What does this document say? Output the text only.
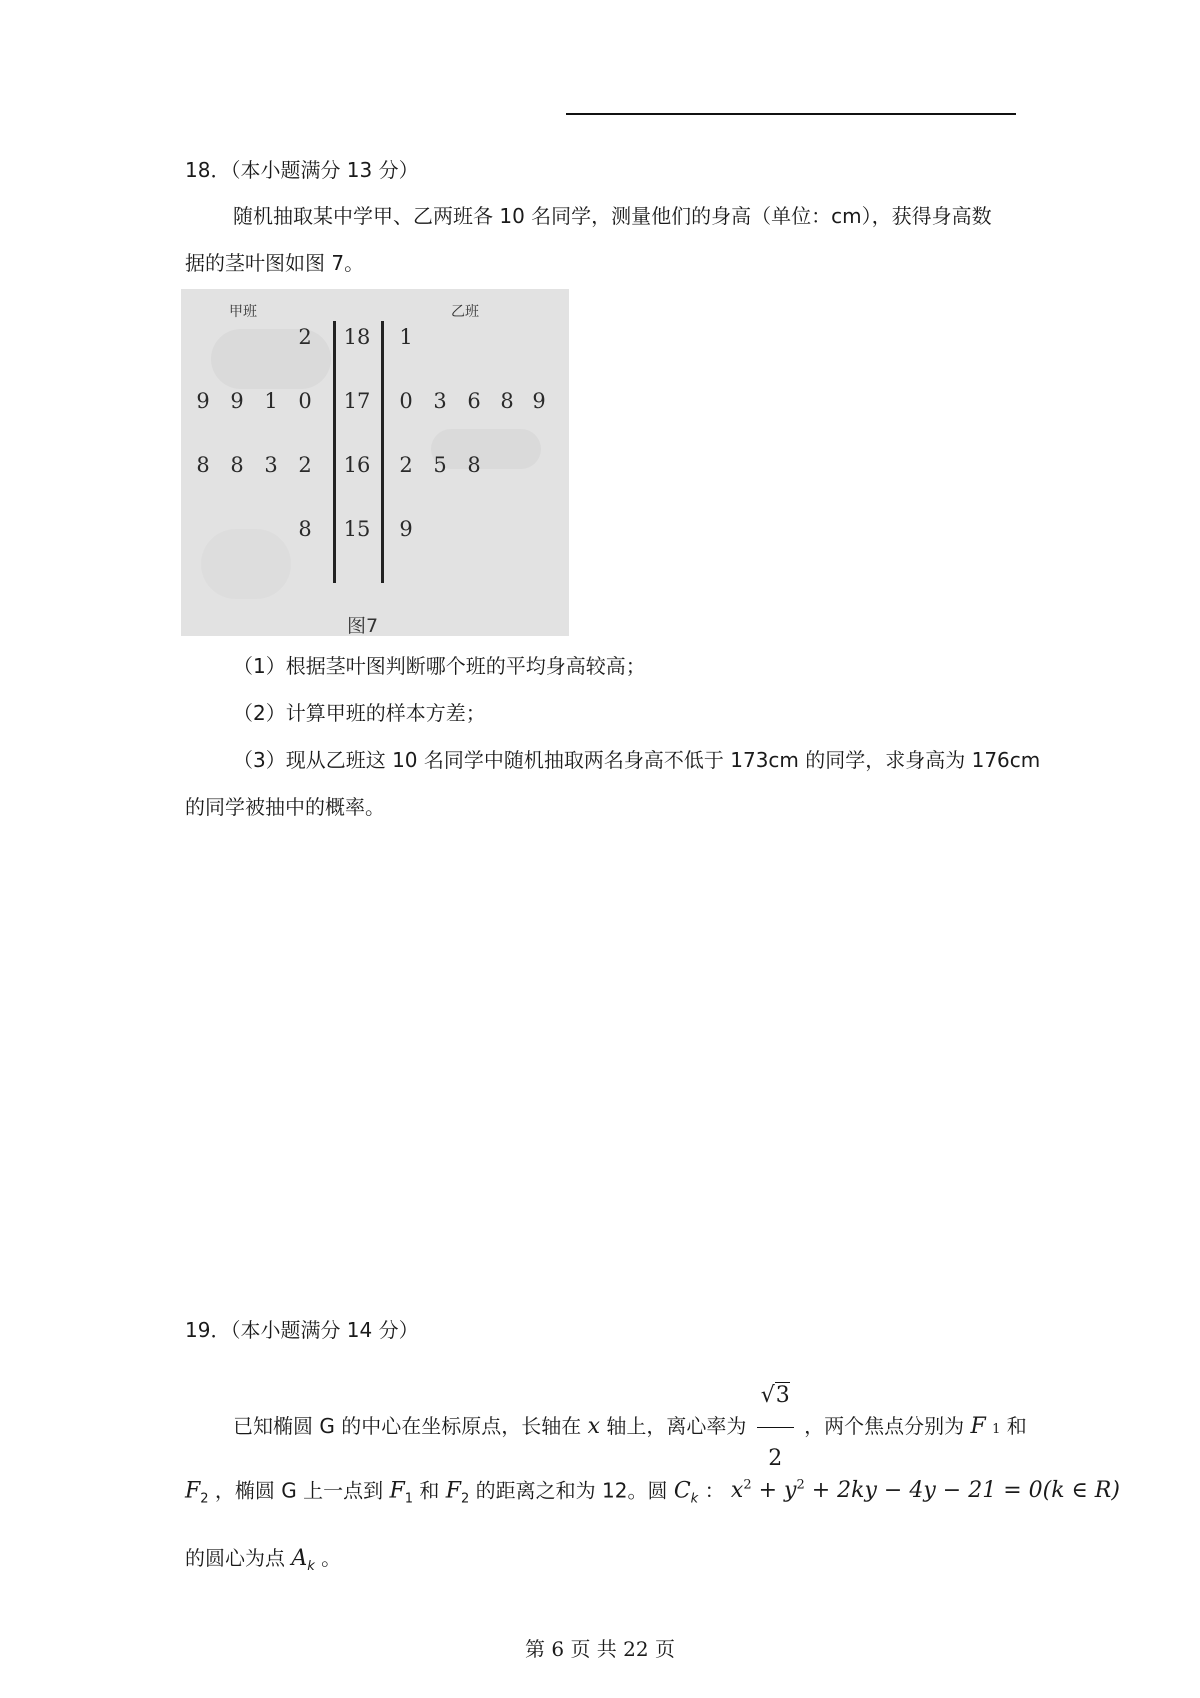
18．（本小题满分 13 分）
随机抽取某中学甲、乙两班各 10 名同学，测量他们的身高（单位：cm），获得身高数
据的茎叶图如图 7。
甲班	乙班
2 18 1
9 9 1 0 17 0 3 6 8 9
8 8 3 2 16 2 5 8
8 15 9
图7
（1）根据茎叶图判断哪个班的平均身高较高；
（2）计算甲班的样本方差；
（3）现从乙班这 10 名同学中随机抽取两名身高不低于 173cm 的同学，求身高为 176cm
的同学被抽中的概率。
19．（本小题满分 14 分）
已知椭圆 G 的中心在坐标原点，长轴在 x 轴上，离心率为 $\frac{√3}{2}$ ，两个焦点分别为 F 1 和
$F_2$ ，椭圆 G 上一点到 $F_1$ 和 $F_2$ 的距离之和为 12。圆 $C_k$ ： $x^2 + y^2 + 2ky - 4y - 21 = 0(k$ ∈ R)
的圆心为点 $A_k$ 。
第 6 页 共 22 页
